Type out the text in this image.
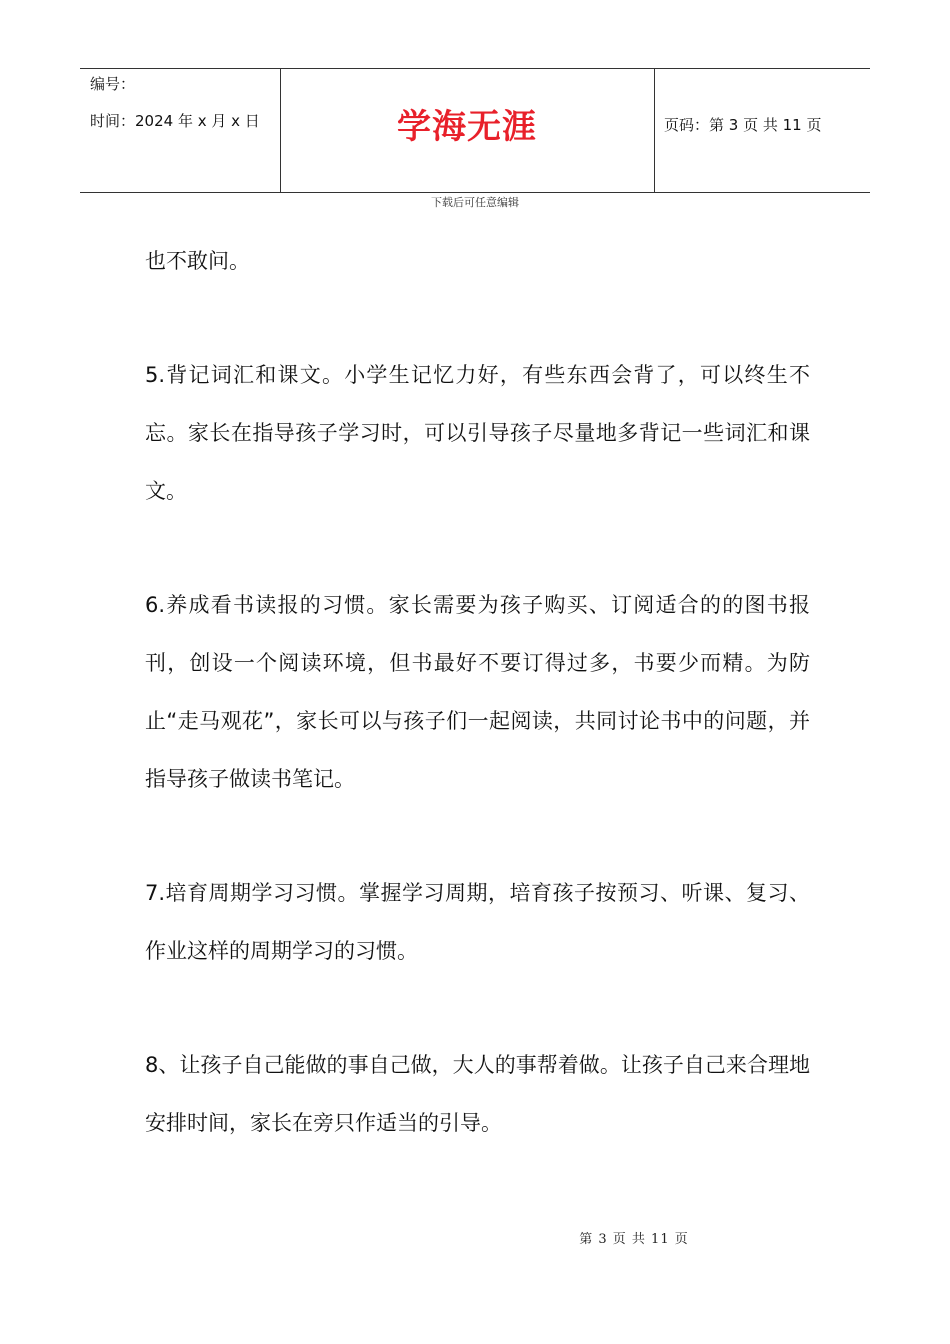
编号：
时间：2024 年 x 月 x 日	学海无涯	页码：第 3 页 共 11 页
下载后可任意编辑

也不敢问。

5.背记词汇和课文。小学生记忆力好，有些东西会背了，可以终生不忘。家长在指导孩子学习时，可以引导孩子尽量地多背记一些词汇和课文。

6.养成看书读报的习惯。家长需要为孩子购买、订阅适合的的图书报刊，创设一个阅读环境，但书最好不要订得过多，书要少而精。为防止“走马观花”，家长可以与孩子们一起阅读，共同讨论书中的问题，并指导孩子做读书笔记。

7.培育周期学习习惯。掌握学习周期，培育孩子按预习、听课、复习、作业这样的周期学习的习惯。

8、让孩子自己能做的事自己做，大人的事帮着做。让孩子自己来合理地安排时间，家长在旁只作适当的引导。

第 3 页 共 11 页
